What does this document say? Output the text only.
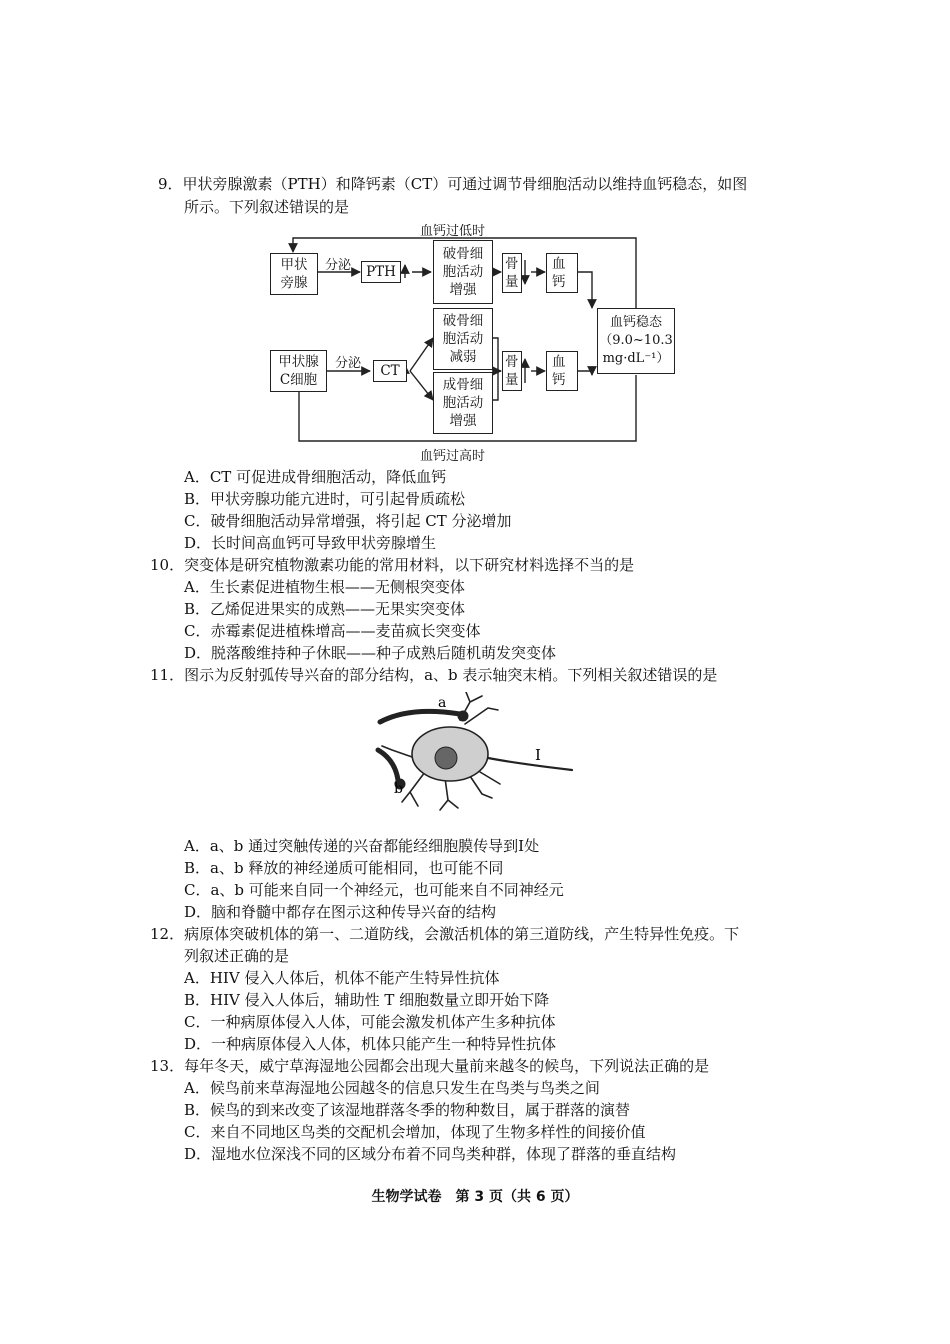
9．甲状旁腺激素（PTH）和降钙素（CT）可通过调节骨细胞活动以维持血钙稳态，如图
所示。下列叙述错误的是
血钙过低时
血钙过高时
甲状
旁腺
分泌 PTH
破骨细
胞活动
增强
骨
量
血
钙
血钙稳态
（9.0~10.3
mg·dL⁻¹）
甲状腺
C细胞
分泌 CT
破骨细
胞活动
减弱
成骨细
胞活动
增强
骨
量
血
钙
A．CT 可促进成骨细胞活动，降低血钙
B．甲状旁腺功能亢进时，可引起骨质疏松
C．破骨细胞活动异常增强，将引起 CT 分泌增加
D．长时间高血钙可导致甲状旁腺增生
10．突变体是研究植物激素功能的常用材料，以下研究材料选择不当的是
A．生长素促进植物生根——无侧根突变体
B．乙烯促进果实的成熟——无果实突变体
C．赤霉素促进植株增高——麦苗疯长突变体
D．脱落酸维持种子休眠——种子成熟后随机萌发突变体
11．图示为反射弧传导兴奋的部分结构，a、b 表示轴突末梢。下列相关叙述错误的是
a
b
I
A．a、b 通过突触传递的兴奋都能经细胞膜传导到I处
B．a、b 释放的神经递质可能相同，也可能不同
C．a、b 可能来自同一个神经元，也可能来自不同神经元
D．脑和脊髓中都存在图示这种传导兴奋的结构
12．病原体突破机体的第一、二道防线，会激活机体的第三道防线，产生特异性免疫。下
列叙述正确的是
A．HIV 侵入人体后，机体不能产生特异性抗体
B．HIV 侵入人体后，辅助性 T 细胞数量立即开始下降
C．一种病原体侵入人体，可能会激发机体产生多种抗体
D．一种病原体侵入人体，机体只能产生一种特异性抗体
13．每年冬天，威宁草海湿地公园都会出现大量前来越冬的候鸟，下列说法正确的是
A．候鸟前来草海湿地公园越冬的信息只发生在鸟类与鸟类之间
B．候鸟的到来改变了该湿地群落冬季的物种数目，属于群落的演替
C．来自不同地区鸟类的交配机会增加，体现了生物多样性的间接价值
D．湿地水位深浅不同的区域分布着不同鸟类种群，体现了群落的垂直结构
生物学试卷　第 3 页（共 6 页）
